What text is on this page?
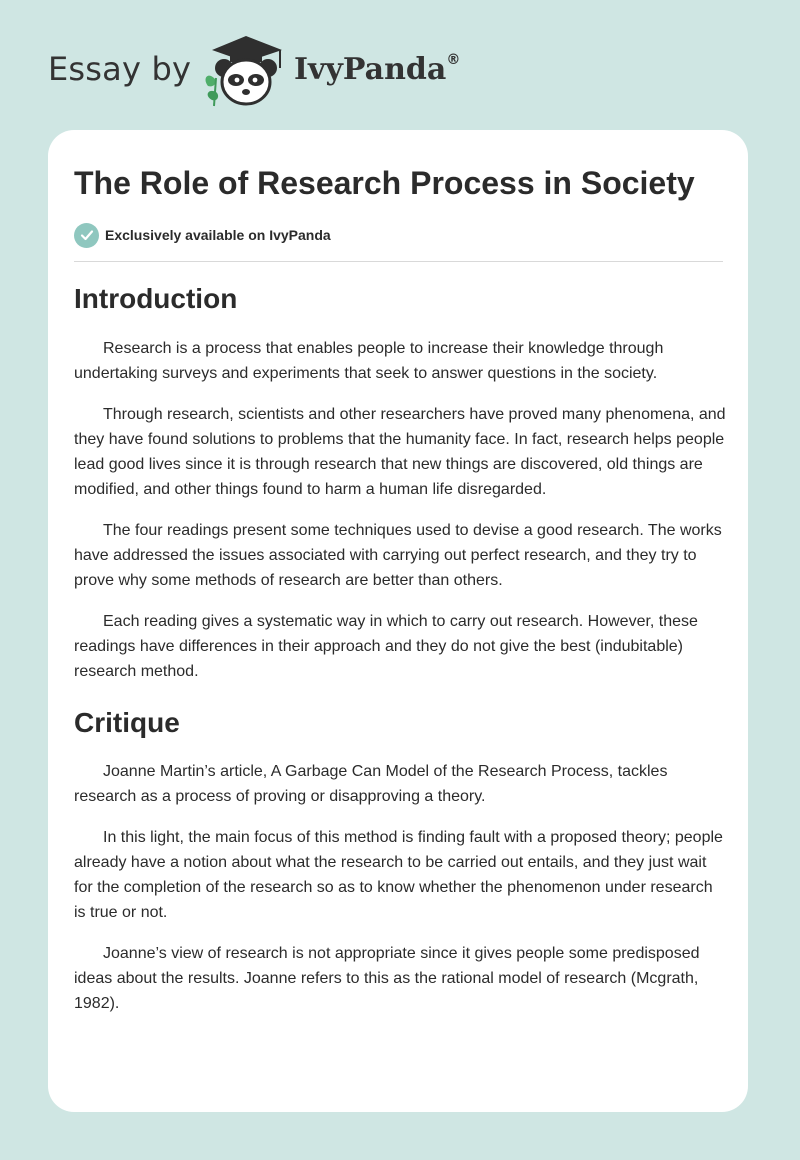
Essay by	IvyPanda®
The Role of Research Process in Society
Exclusively available on IvyPanda
Introduction

Research is a process that enables people to increase their knowledge through undertaking surveys and experiments that seek to answer questions in the society.

Through research, scientists and other researchers have proved many phenomena, and they have found solutions to problems that the humanity face. In fact, research helps people lead good lives since it is through research that new things are discovered, old things are modified, and other things found to harm a human life disregarded.

The four readings present some techniques used to devise a good research. The works have addressed the issues associated with carrying out perfect research, and they try to prove why some methods of research are better than others.

Each reading gives a systematic way in which to carry out research. However, these readings have differences in their approach and they do not give the best (indubitable) research method.

Critique

Joanne Martin’s article, A Garbage Can Model of the Research Process, tackles research as a process of proving or disapproving a theory.

In this light, the main focus of this method is finding fault with a proposed theory; people already have a notion about what the research to be carried out entails, and they just wait for the completion of the research so as to know whether the phenomenon under research is true or not.

Joanne’s view of research is not appropriate since it gives people some predisposed ideas about the results. Joanne refers to this as the rational model of research (Mcgrath, 1982).
